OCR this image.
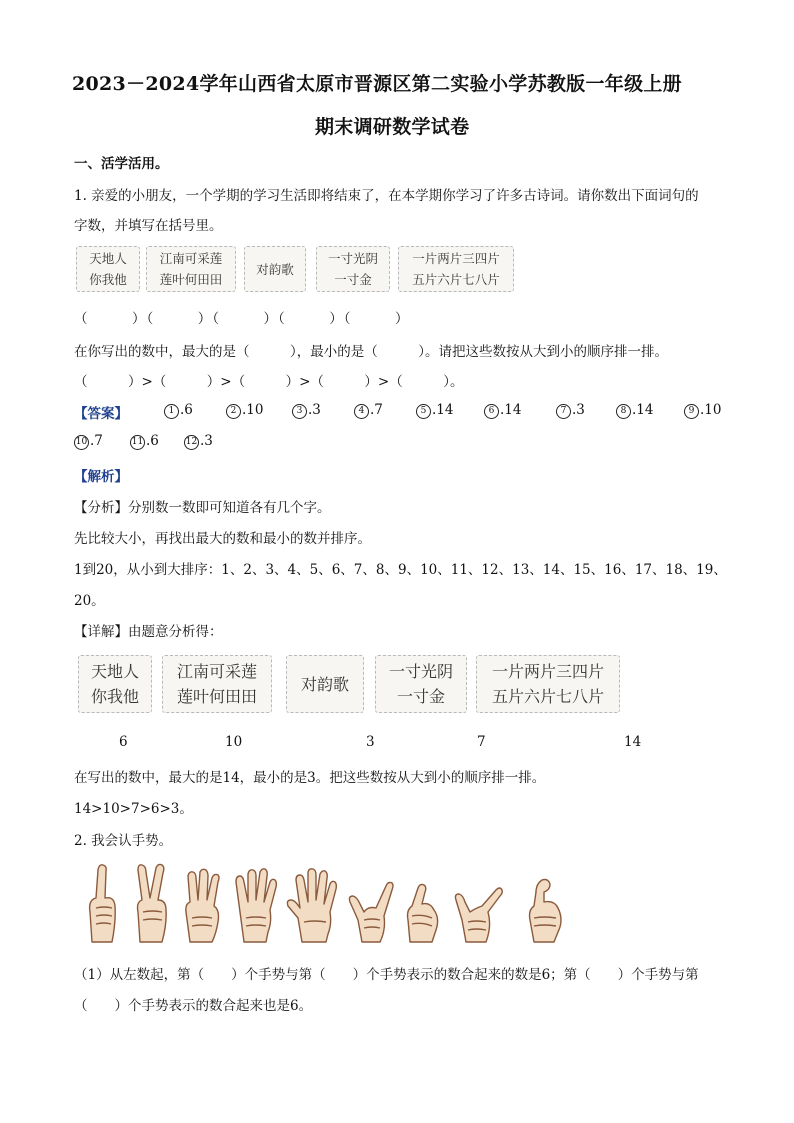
2023－2024学年山西省太原市晋源区第二实验小学苏教版一年级上册
期末调研数学试卷
一、活学活用。
1. 亲爱的小朋友，一个学期的学习生活即将结束了，在本学期你学习了许多古诗词。请你数出下面词句的
字数，并填写在括号里。
天地人
你我他
江南可采莲
莲叶何田田
对韵歌
一寸光阴
一寸金
一片两片三四片
五片六片七八片
（　　　）（　　　）（　　　）（　　　）（　　　）
在你写出的数中，最大的是（　　　），最小的是（　　　）。请把这些数按从大到小的顺序排一排。
（　　　）>（　　　）>（　　　）>（　　　）>（　　　）。
【答案】	1 .6	2 .10	3 .3	4 .7	5 .14	6 .14	7 .3	8 .14	9 .10
10 .7	11 .6	12 .3
【解析】
【分析】分别数一数即可知道各有几个字。
先比较大小，再找出最大的数和最小的数并排序。
1到20，从小到大排序：1、2、3、4、5、6、7、8、9、10、11、12、13、14、15、16、17、18、19、
20。
【详解】由题意分析得：
天地人
你我他
江南可采莲
莲叶何田田
对韵歌
一寸光阴
一寸金
一片两片三四片
五片六片七八片
6	10	3	7	14
在写出的数中，最大的是14，最小的是3。把这些数按从大到小的顺序排一排。
14>10>7>6>3。
2. 我会认手势。
（1）从左数起，第（　　）个手势与第（　　）个手势表示的数合起来的数是6；第（　　）个手势与第
（　　）个手势表示的数合起来也是6。
